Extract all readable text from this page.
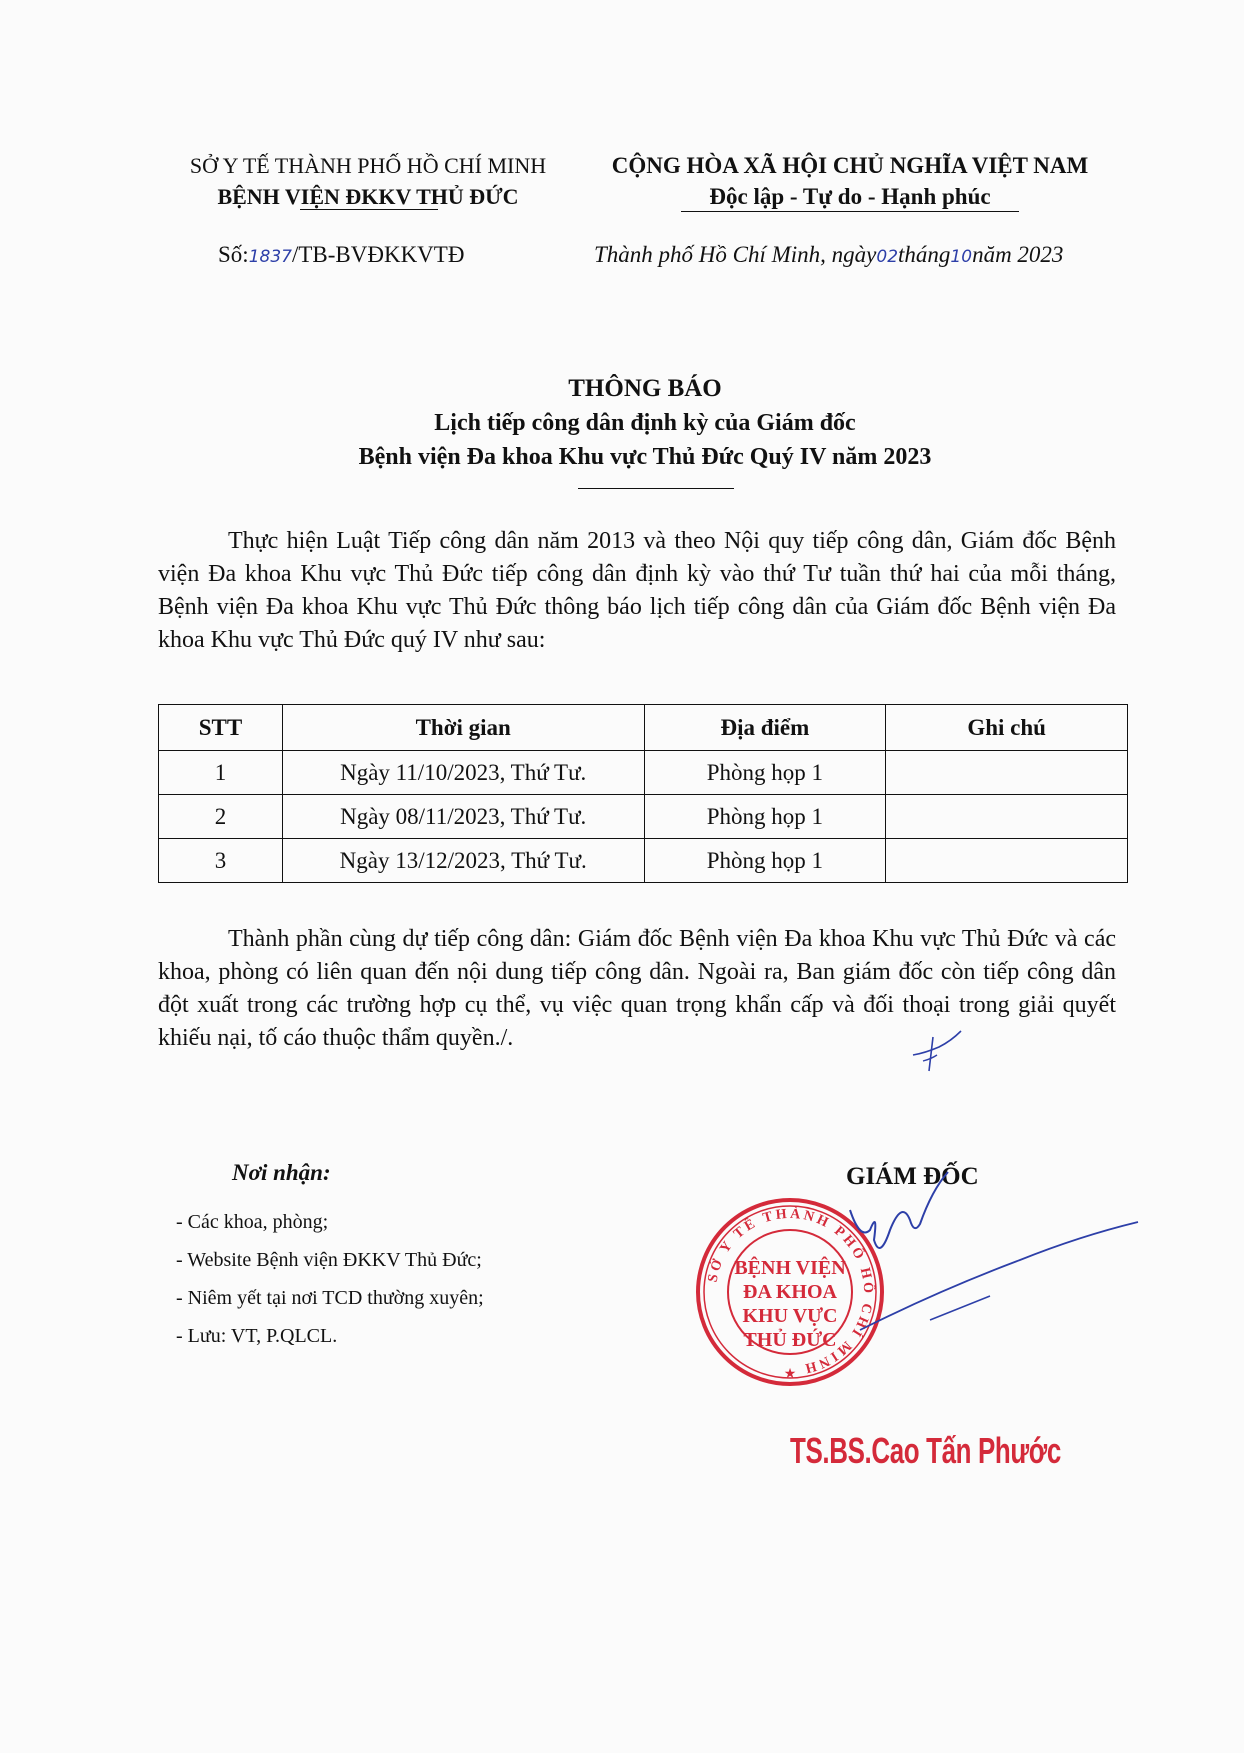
SỞ Y TẾ THÀNH PHỐ HỒ CHÍ MINH
BỆNH VIỆN ĐKKV THỦ ĐỨC
CỘNG HÒA XÃ HỘI CHỦ NGHĨA VIỆT NAM
Độc lập - Tự do - Hạnh phúc
Số:1837/TB-BVĐKKVTĐ	Thành phố Hồ Chí Minh, ngày02tháng10năm 2023
THÔNG BÁO
Lịch tiếp công dân định kỳ của Giám đốc
Bệnh viện Đa khoa Khu vực Thủ Đức Quý IV năm 2023
Thực hiện Luật Tiếp công dân năm 2013 và theo Nội quy tiếp công dân, Giám đốc Bệnh viện Đa khoa Khu vực Thủ Đức tiếp công dân định kỳ vào thứ Tư tuần thứ hai của mỗi tháng, Bệnh viện Đa khoa Khu vực Thủ Đức thông báo lịch tiếp công dân của Giám đốc Bệnh viện Đa khoa Khu vực Thủ Đức quý IV như sau:
STT	Thời gian	Địa điểm	Ghi chú
1	Ngày 11/10/2023, Thứ Tư.	Phòng họp 1	
2	Ngày 08/11/2023, Thứ Tư.	Phòng họp 1	
3	Ngày 13/12/2023, Thứ Tư.	Phòng họp 1	
Thành phần cùng dự tiếp công dân: Giám đốc Bệnh viện Đa khoa Khu vực Thủ Đức và các khoa, phòng có liên quan đến nội dung tiếp công dân. Ngoài ra, Ban giám đốc còn tiếp công dân đột xuất trong các trường hợp cụ thể, vụ việc quan trọng khẩn cấp và đối thoại trong giải quyết khiếu nại, tố cáo thuộc thẩm quyền./.
Nơi nhận:
- Các khoa, phòng;
- Website Bệnh viện ĐKKV Thủ Đức;
- Niêm yết tại nơi TCD thường xuyên;
- Lưu: VT, P.QLCL.
GIÁM ĐỐC
SỞ Y TẾ THÀNH PHỐ HỒ CHÍ MINH
★
BỆNH VIỆN
ĐA KHOA
KHU VỰC
THỦ ĐỨC
TS.BS.Cao Tấn Phước
